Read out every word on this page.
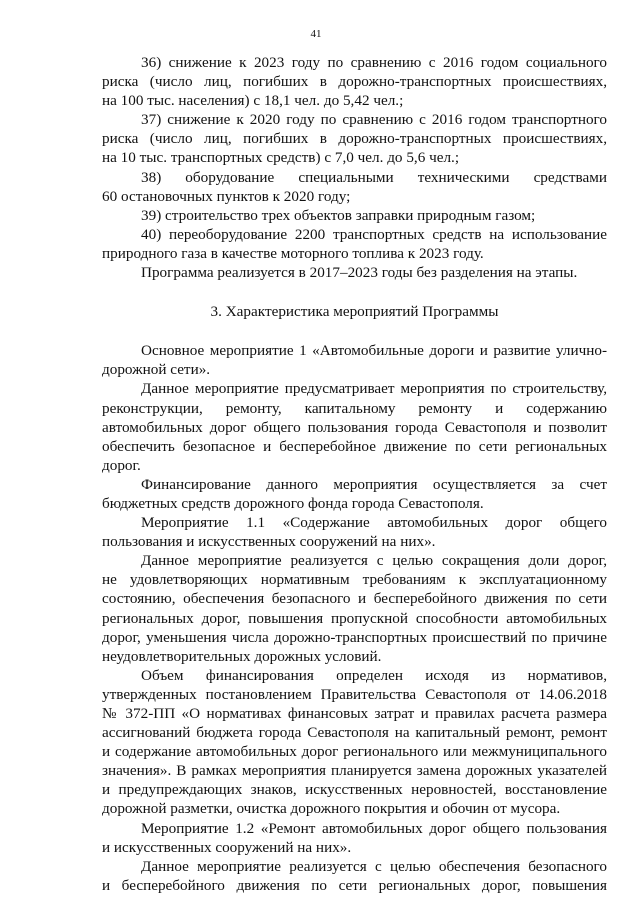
41
36) снижение к 2023 году по сравнению с 2016 годом социального
риска (число лиц, погибших в дорожно-транспортных происшествиях,
на 100 тыс. населения) с 18,1 чел. до 5,42 чел.;
37) снижение к 2020 году по сравнению с 2016 годом транспортного
риска (число лиц, погибших в дорожно-транспортных происшествиях,
на 10 тыс. транспортных средств) с 7,0 чел. до 5,6 чел.;
38) оборудование специальными техническими средствами
60 остановочных пунктов к 2020 году;
39) строительство трех объектов заправки природным газом;
40) переоборудование 2200 транспортных средств на использование
природного газа в качестве моторного топлива к 2023 году.
Программа реализуется в 2017–2023 годы без разделения на этапы.
3. Характеристика мероприятий Программы
Основное мероприятие 1 «Автомобильные дороги и развитие улично-
дорожной сети».
Данное мероприятие предусматривает мероприятия по строительству,
реконструкции, ремонту, капитальному ремонту и содержанию
автомобильных дорог общего пользования города Севастополя и позволит
обеспечить безопасное и бесперебойное движение по сети региональных
дорог.
Финансирование данного мероприятия осуществляется за счет
бюджетных средств дорожного фонда города Севастополя.
Мероприятие 1.1 «Содержание автомобильных дорог общего
пользования и искусственных сооружений на них».
Данное мероприятие реализуется с целью сокращения доли дорог,
не удовлетворяющих нормативным требованиям к эксплуатационному
состоянию, обеспечения безопасного и бесперебойного движения по сети
региональных дорог, повышения пропускной способности автомобильных
дорог, уменьшения числа дорожно-транспортных происшествий по причине
неудовлетворительных дорожных условий.
Объем финансирования определен исходя из нормативов,
утвержденных постановлением Правительства Севастополя от 14.06.2018
№ 372-ПП «О нормативах финансовых затрат и правилах расчета размера
ассигнований бюджета города Севастополя на капитальный ремонт, ремонт
и содержание автомобильных дорог регионального или межмуниципального
значения». В рамках мероприятия планируется замена дорожных указателей
и предупреждающих знаков, искусственных неровностей, восстановление
дорожной разметки, очистка дорожного покрытия и обочин от мусора.
Мероприятие 1.2 «Ремонт автомобильных дорог общего пользования
и искусственных сооружений на них».
Данное мероприятие реализуется с целью обеспечения безопасного
и бесперебойного движения по сети региональных дорог, повышения
